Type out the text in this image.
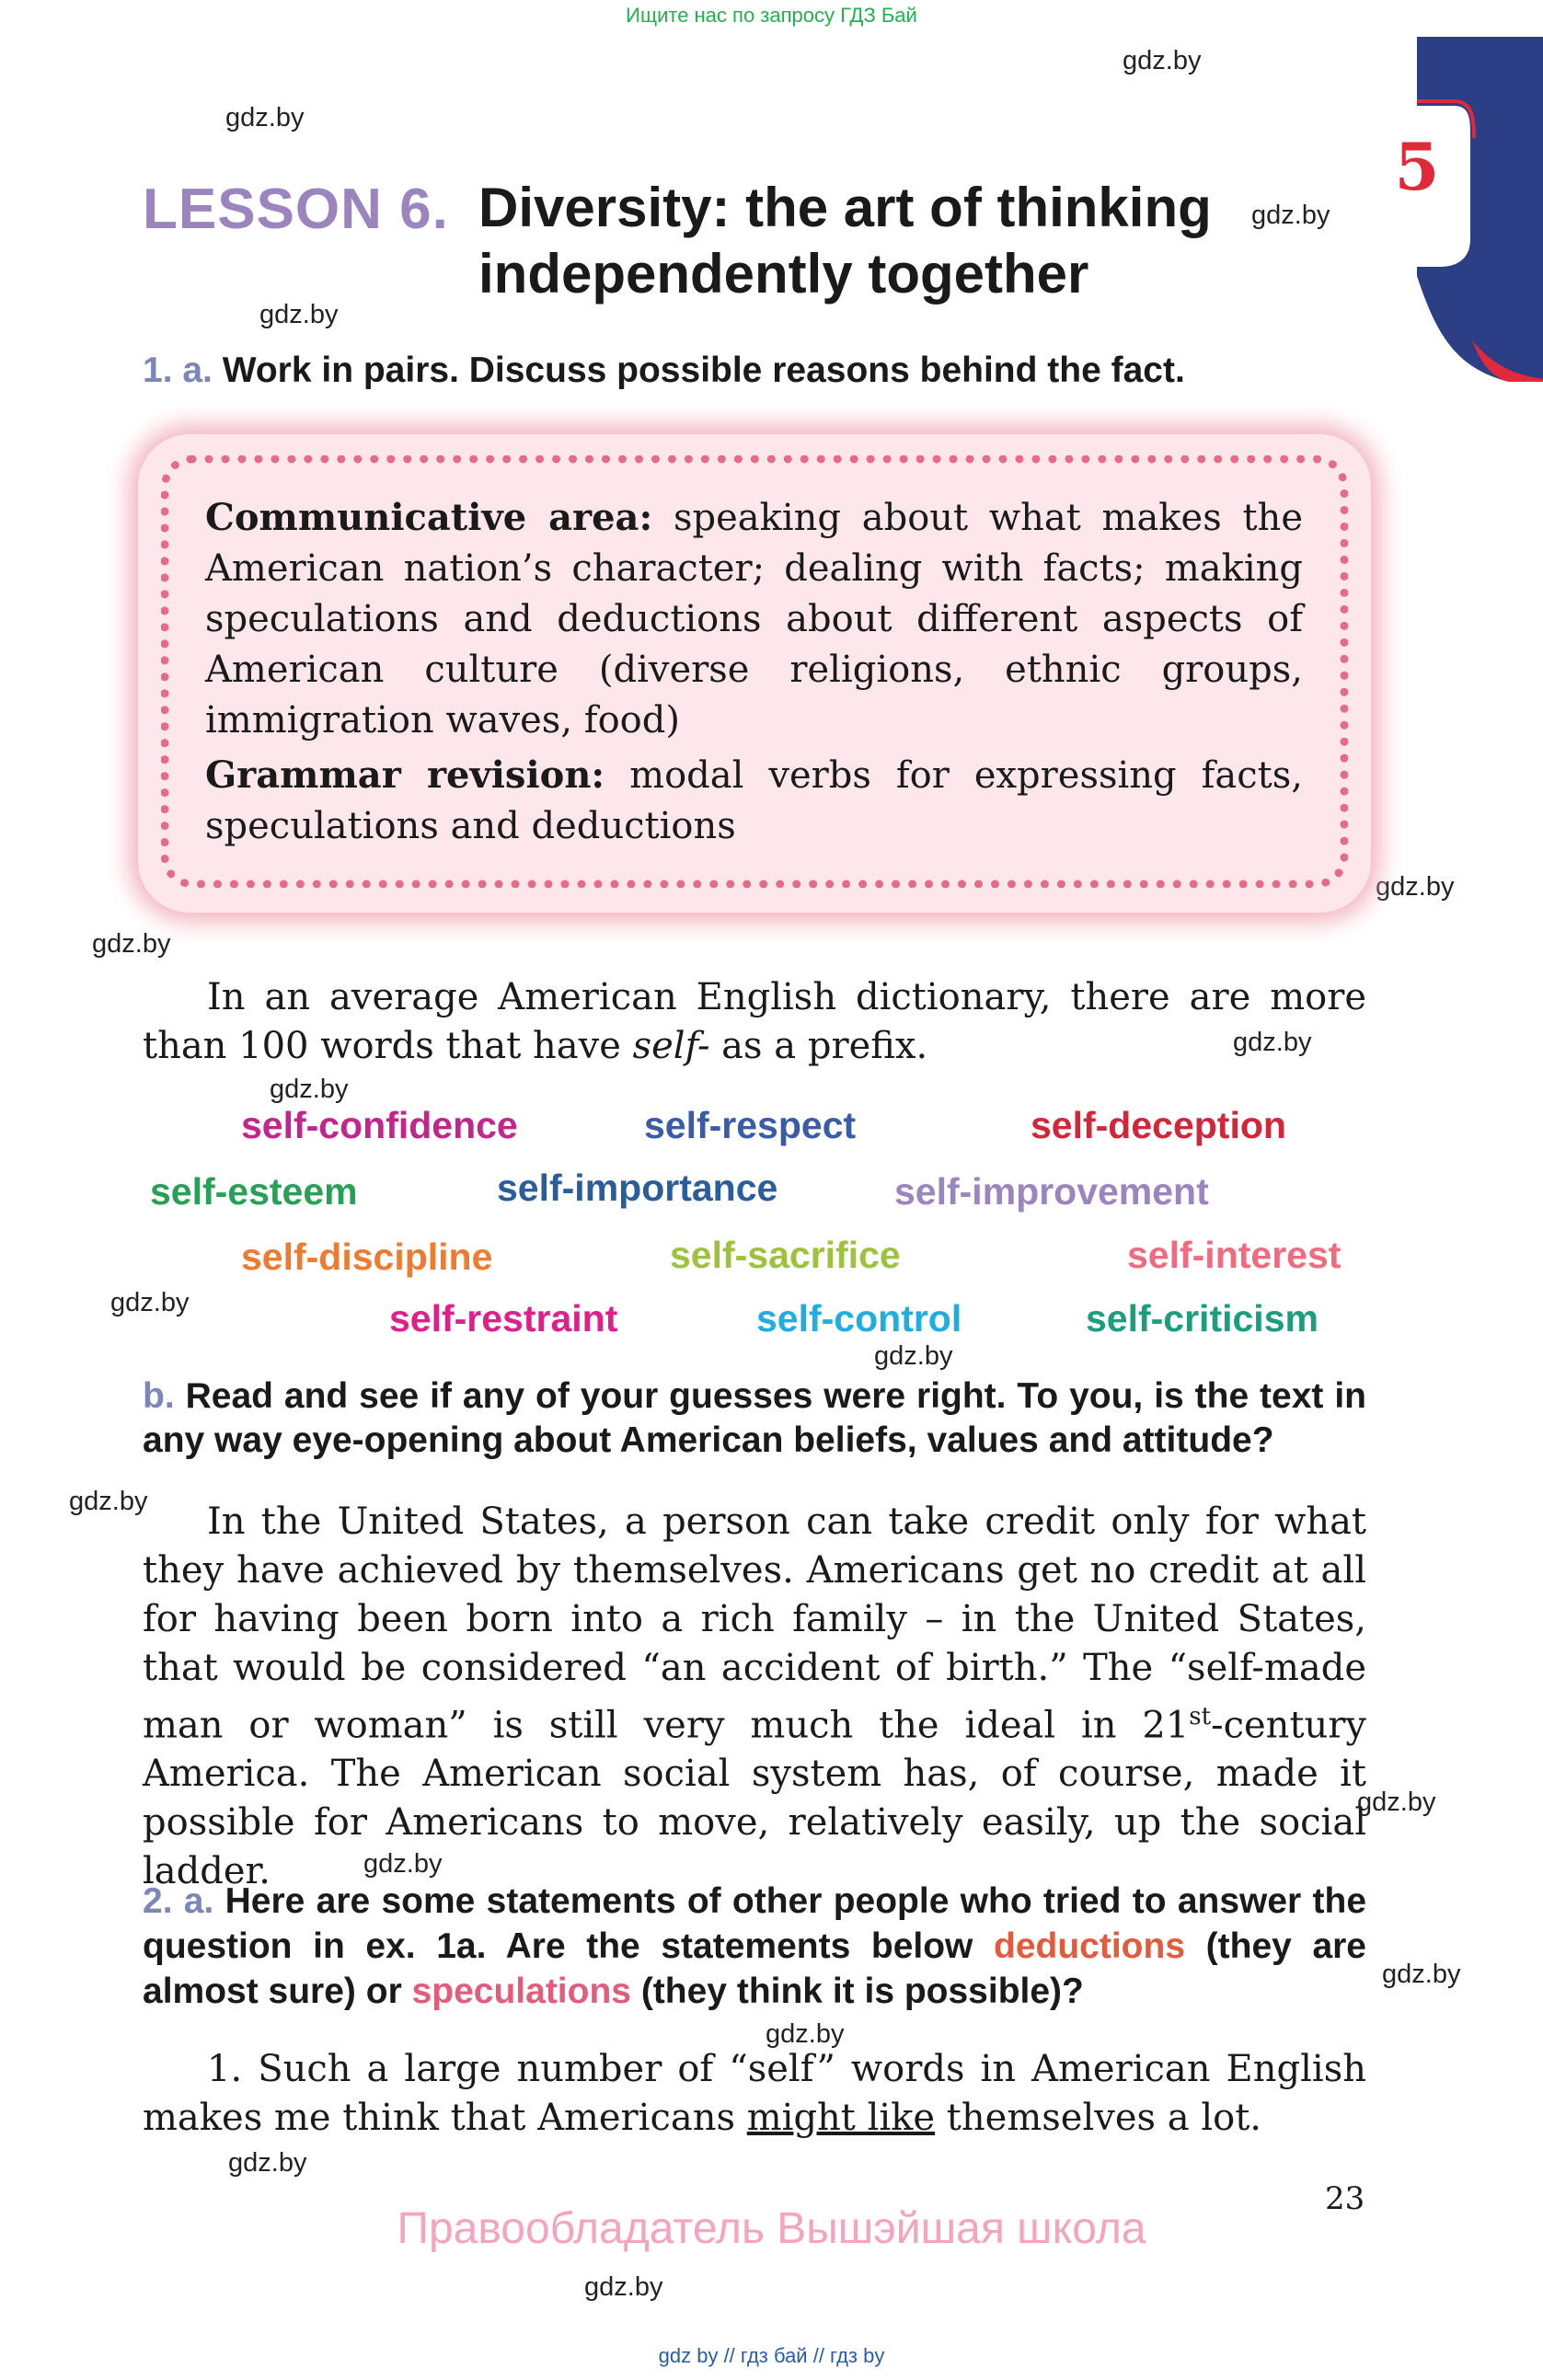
Ищите нас по запросу ГДЗ Бай
gdz.by
gdz.by
gdz.by
gdz.by
gdz.by
gdz.by
gdz.by
gdz.by
gdz.by
gdz.by
gdz.by
gdz.by
gdz.by
gdz.by
gdz.by
gdz.by
gdz.by
5
LESSON 6. Diversity: the art of thinking
independently together
1. a. Work in pairs. Discuss possible reasons behind the fact.
Communicative area: speaking about what makes the American nation’s character; dealing with facts; making speculations and deductions about different aspects of American culture (diverse religions, ethnic groups, immigration waves, food)
Grammar revision: modal verbs for expressing facts, speculations and deductions
In an average American English dictionary, there are more than 100 words that have self- as a prefix.
self-confidence	self-respect	self-deception
self-esteem	self-importance	self-improvement
self-discipline	self-sacrifice	self-interest
self-restraint	self-control	self-criticism
b. Read and see if any of your guesses were right. To you, is the text in any way eye-opening about American beliefs, values and attitude?
In the United States, a person can take credit only for what they have achieved by themselves. Americans get no credit at all for having been born into a rich family – in the United States, that would be considered “an accident of birth.” The “self-made man or woman” is still very much the ideal in 21st-century America. The American social system has, of course, made it possible for Americans to move, relatively easily, up the social ladder.
2. a. Here are some statements of other people who tried to answer the question in ex. 1a. Are the statements below deductions (they are almost sure) or speculations (they think it is possible)?
1. Such a large number of “self” words in American English makes me think that Americans might like themselves a lot.
23
Правообладатель Вышэйшая школа
gdz by // гдз бай // гдз by
